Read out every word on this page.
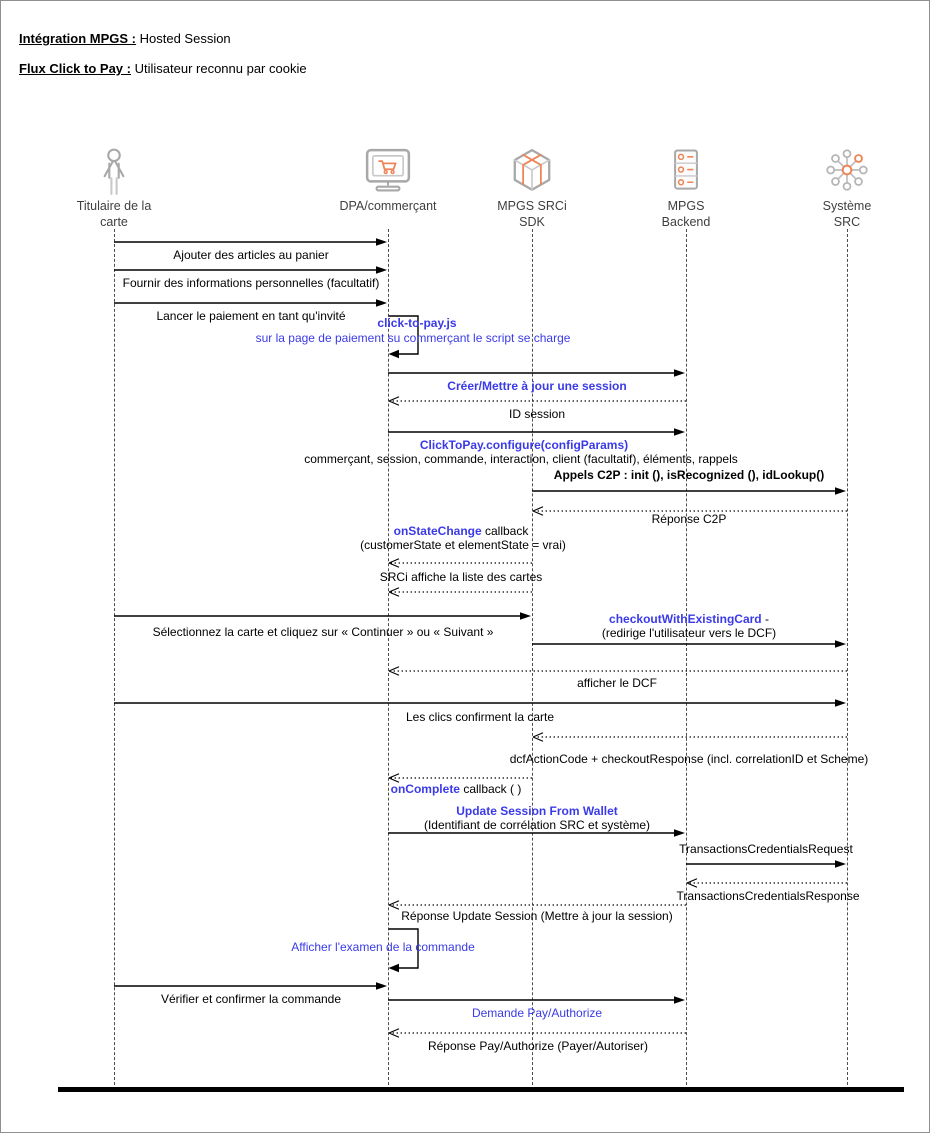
Intégration MPGS : Hosted Session
Flux Click to Pay : Utilisateur reconnu par cookie
Titulaire de la
carte
DPA/commerçant	MPGS SRCi
SDK
MPGS
Backend
Système
SRC
Ajouter des articles au panier
Fournir des informations personnelles (facultatif)
Lancer le paiement en tant qu'invité	click-to-pay.js
sur la page de paiement su commerçant le script se charge
Créer/Mettre à jour une session
ID session
ClickToPay.configure(configParams)
commerçant, session, commande, interaction, client (facultatif), éléments, rappels
Appels C2P : init (), isRecognized (), idLookup()
Réponse C2P
onStateChange callback
(customerState et elementState = vrai)
SRCi affiche la liste des cartes
Sélectionnez la carte et cliquez sur « Continuer » ou « Suivant »
checkoutWithExistingCard -
(redirige l'utilisateur vers le DCF)
afficher le DCF
Les clics confirment la carte
dcfActionCode + checkoutResponse (incl. correlationID et Scheme)
onComplete callback ( )
Update Session From Wallet
(Identifiant de corrélation SRC et système)
TransactionsCredentialsRequest
TransactionsCredentialsResponse
Réponse Update Session (Mettre à jour la session)
Afficher l'examen de la commande
Vérifier et confirmer la commande
Demande Pay/Authorize
Réponse Pay/Authorize (Payer/Autoriser)
